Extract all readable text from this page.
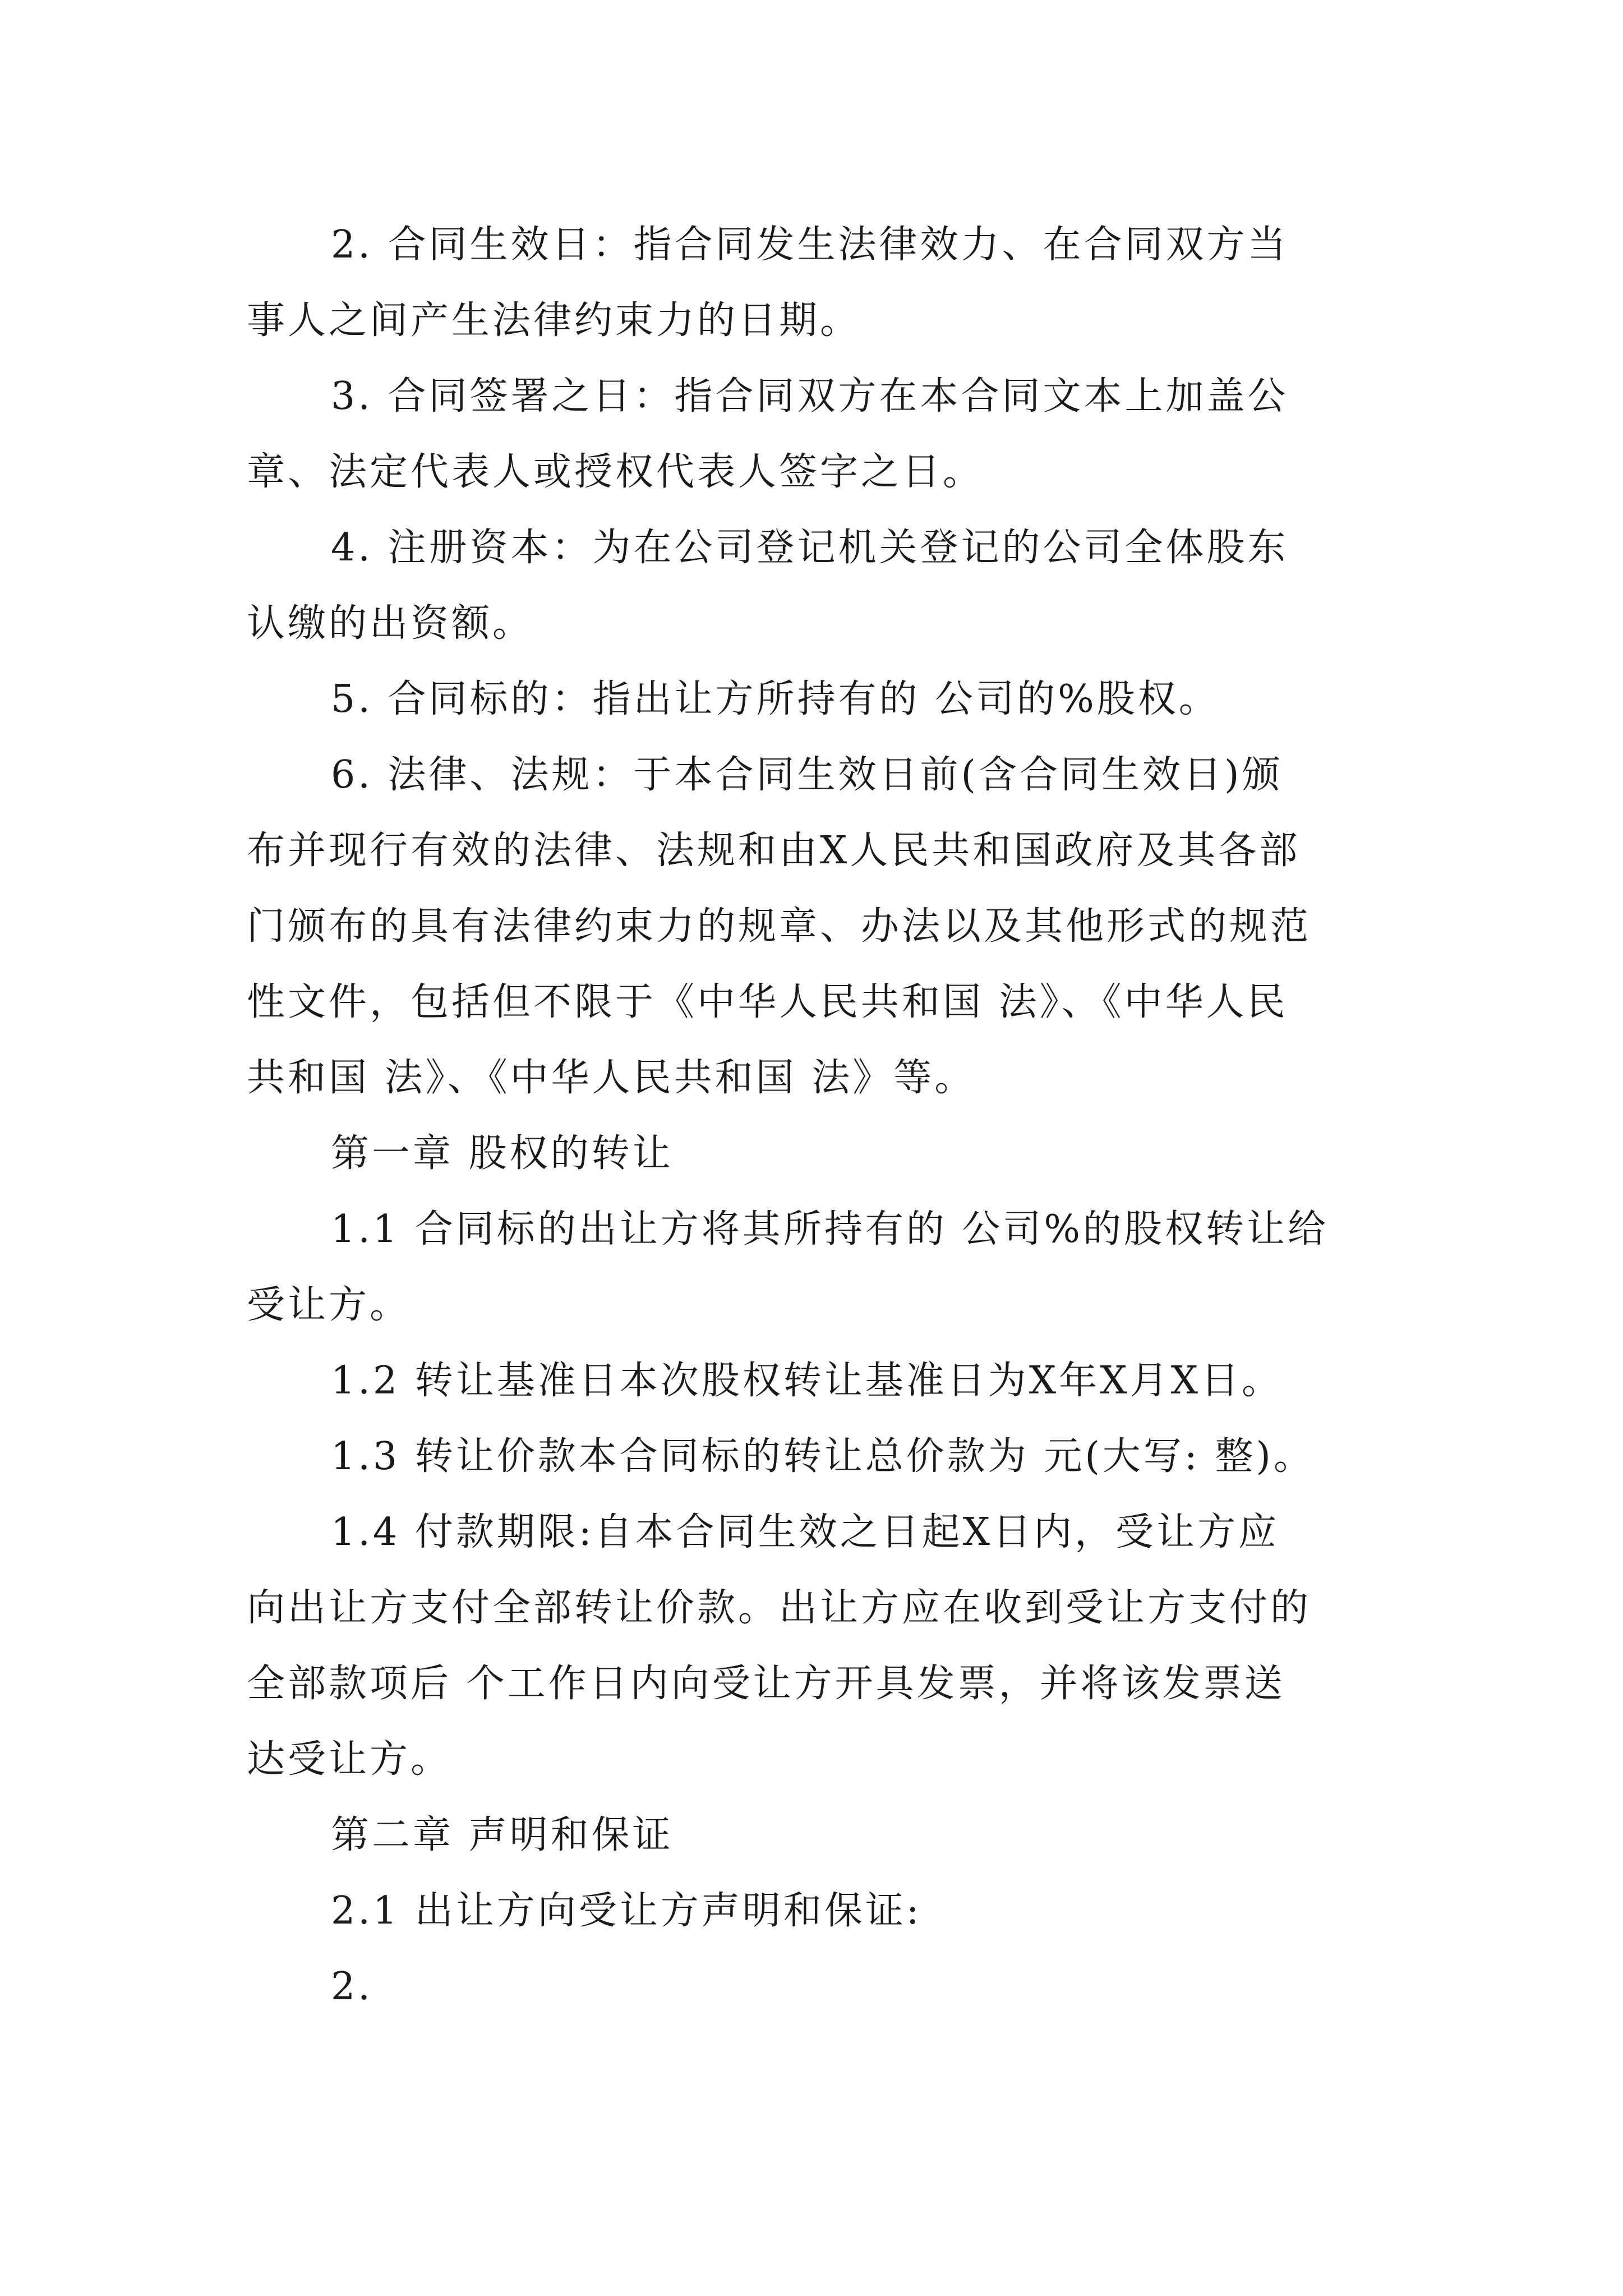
2. 合同生效日：指合同发生法律效力、在合同双方当
事人之间产生法律约束力的日期。
3. 合同签署之日：指合同双方在本合同文本上加盖公
章、法定代表人或授权代表人签字之日。
4. 注册资本：为在公司登记机关登记的公司全体股东
认缴的出资额。
5. 合同标的：指出让方所持有的 公司的%股权。
6. 法律、法规：于本合同生效日前(含合同生效日)颁
布并现行有效的法律、法规和由X人民共和国政府及其各部
门颁布的具有法律约束力的规章、办法以及其他形式的规范
性文件，包括但不限于《中华人民共和国 法》、《中华人民
共和国 法》、《中华人民共和国 法》等。
第一章 股权的转让
1.1 合同标的出让方将其所持有的 公司%的股权转让给
受让方。
1.2 转让基准日本次股权转让基准日为X年X月X日。
1.3 转让价款本合同标的转让总价款为 元(大写: 整)。
1.4 付款期限:自本合同生效之日起X日内，受让方应
向出让方支付全部转让价款。出让方应在收到受让方支付的
全部款项后 个工作日内向受让方开具发票，并将该发票送
达受让方。
第二章 声明和保证
2.1 出让方向受让方声明和保证:
2.
